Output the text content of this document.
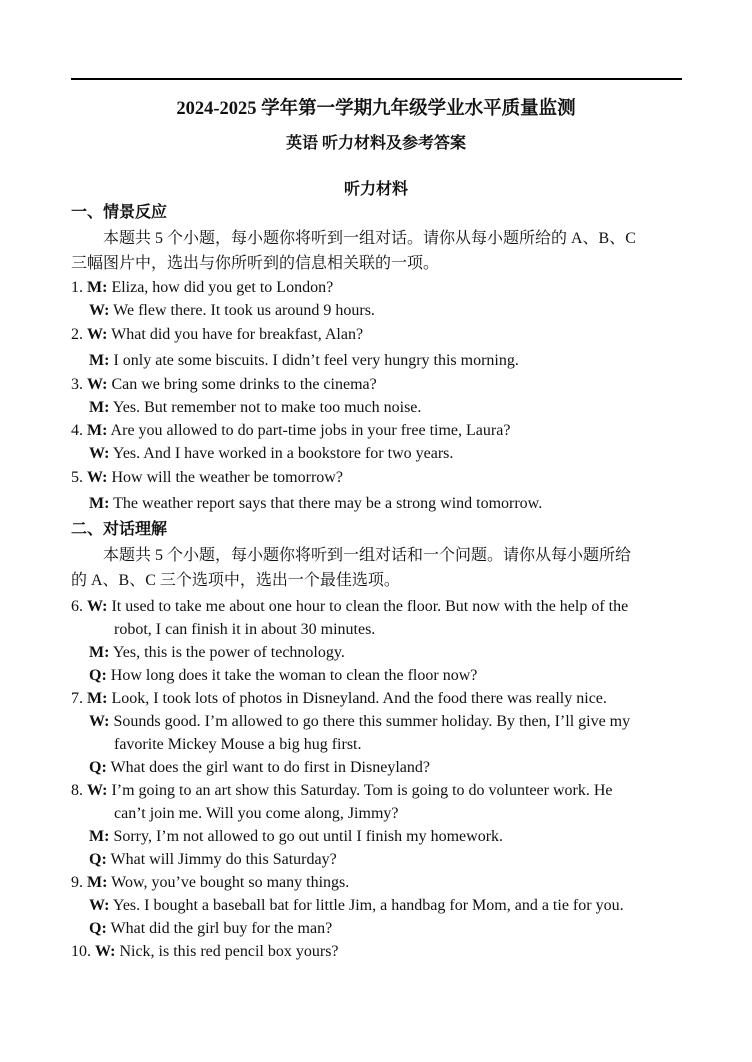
2024-2025 学年第一学期九年级学业水平质量监测
英语 听力材料及参考答案
听力材料
一、情景反应
本题共 5 个小题，每小题你将听到一组对话。请你从每小题所给的 A、B、C
三幅图片中，选出与你所听到的信息相关联的一项。
1. M: Eliza, how did you get to London?
W: We flew there. It took us around 9 hours.
2. W: What did you have for breakfast, Alan?
M: I only ate some biscuits. I didn’t feel very hungry this morning.
3. W: Can we bring some drinks to the cinema?
M: Yes. But remember not to make too much noise.
4. M: Are you allowed to do part-time jobs in your free time, Laura?
W: Yes. And I have worked in a bookstore for two years.
5. W: How will the weather be tomorrow?
M: The weather report says that there may be a strong wind tomorrow.
二、对话理解
本题共 5 个小题，每小题你将听到一组对话和一个问题。请你从每小题所给
的 A、B、C 三个选项中，选出一个最佳选项。
6. W: It used to take me about one hour to clean the floor. But now with the help of the
robot, I can finish it in about 30 minutes.
M: Yes, this is the power of technology.
Q: How long does it take the woman to clean the floor now?
7. M: Look, I took lots of photos in Disneyland. And the food there was really nice.
W: Sounds good. I’m allowed to go there this summer holiday. By then, I’ll give my
favorite Mickey Mouse a big hug first.
Q: What does the girl want to do first in Disneyland?
8. W: I’m going to an art show this Saturday. Tom is going to do volunteer work. He
can’t join me. Will you come along, Jimmy?
M: Sorry, I’m not allowed to go out until I finish my homework.
Q: What will Jimmy do this Saturday?
9. M: Wow, you’ve bought so many things.
W: Yes. I bought a baseball bat for little Jim, a handbag for Mom, and a tie for you.
Q: What did the girl buy for the man?
10. W: Nick, is this red pencil box yours?
